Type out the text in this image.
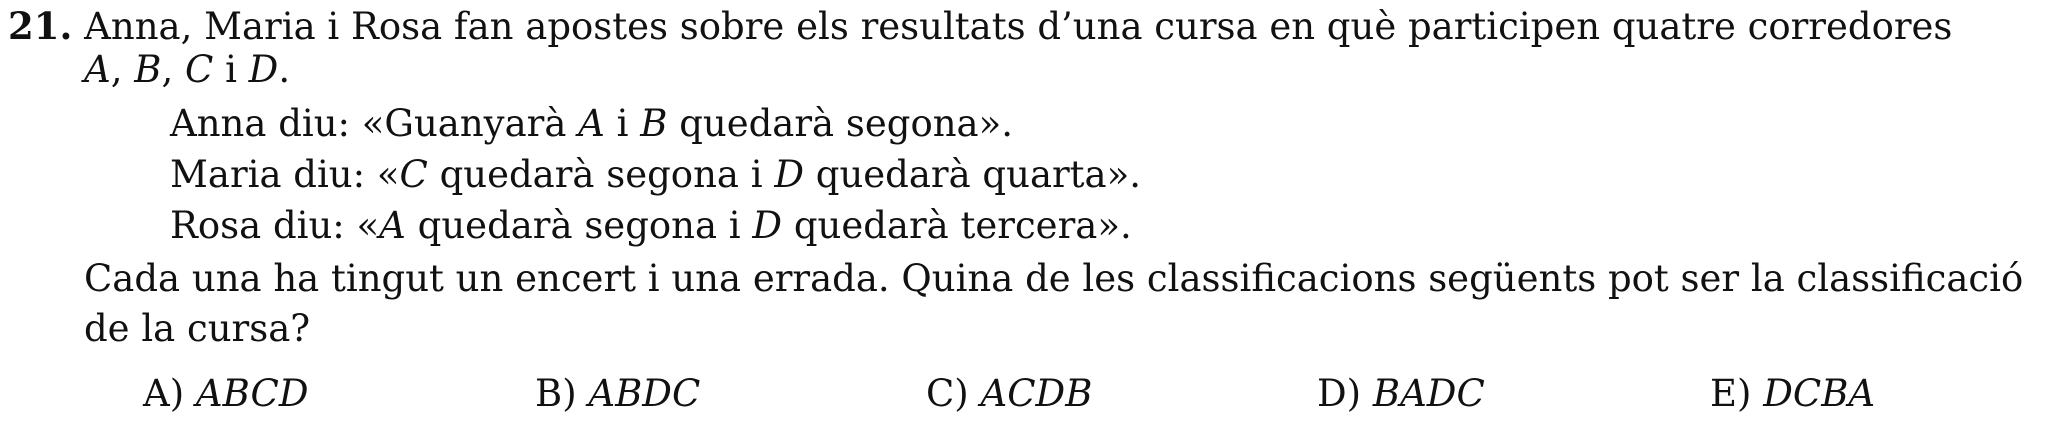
21. Anna, Maria i Rosa fan apostes sobre els resultats d’una cursa en què participen quatre corredores
A, B, C i D.
Anna diu: «Guanyarà A i B quedarà segona».
Maria diu: «C quedarà segona i D quedarà quarta».
Rosa diu: «A quedarà segona i D quedarà tercera».
Cada una ha tingut un encert i una errada. Quina de les classificacions següents pot ser la classificació
de la cursa?
A) ABCD	B) ABDC	C) ACDB	D) BADC	E) DCBA
